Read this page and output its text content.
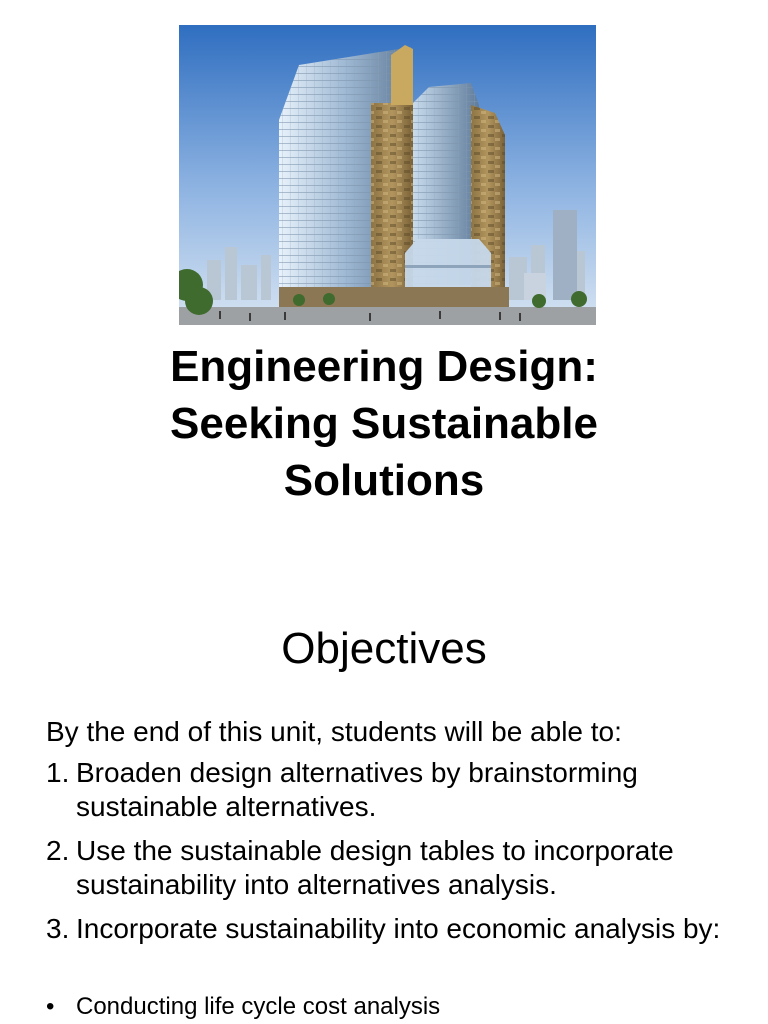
Engineering Design:
Seeking Sustainable
Solutions
Objectives
By the end of this unit, students will be able to:
1. Broaden design alternatives by brainstorming sustainable alternatives.
2. Use the sustainable design tables to incorporate sustainability into alternatives analysis.
3. Incorporate sustainability into economic analysis by:
• Conducting life cycle cost analysis
